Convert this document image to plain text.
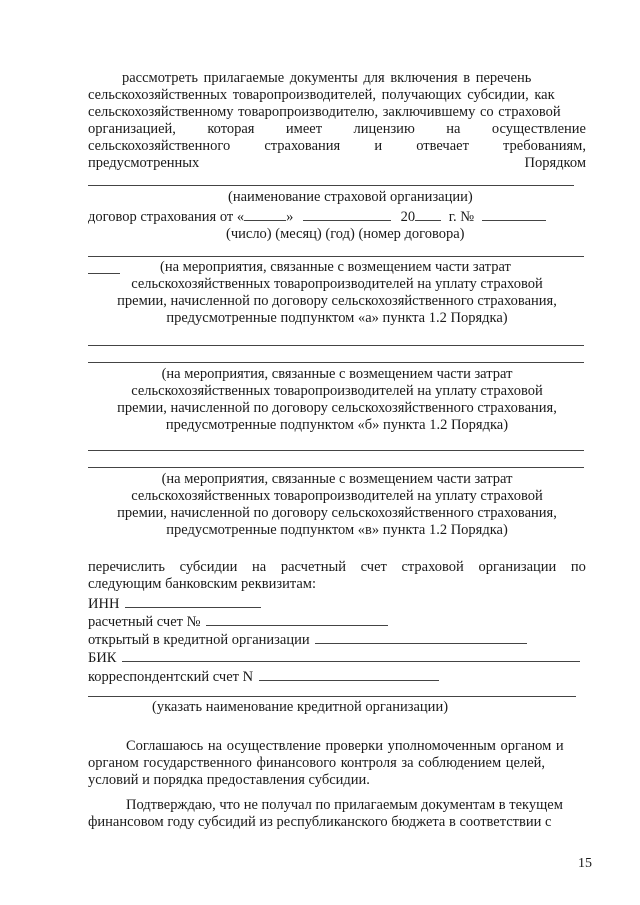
рассмотреть прилагаемые документы для включения в перечень
сельскохозяйственных товаропроизводителей, получающих субсидии, как
сельскохозяйственному товаропроизводителю, заключившему со страховой
организацией, которая имеет лицензию на осуществление
сельскохозяйственного страхования и отвечает требованиям,
предусмотренных	Порядком
(наименование страховой организации)
договор страхования от «	»	20 г. №
(число) (месяц) (год) (номер договора)
(на мероприятия, связанные с возмещением части затрат
сельскохозяйственных товаропроизводителей на уплату страховой
премии, начисленной по договору сельскохозяйственного страхования,
предусмотренные подпунктом «а» пункта 1.2 Порядка)
(на мероприятия, связанные с возмещением части затрат
сельскохозяйственных товаропроизводителей на уплату страховой
премии, начисленной по договору сельскохозяйственного страхования,
предусмотренные подпунктом «б» пункта 1.2 Порядка)
(на мероприятия, связанные с возмещением части затрат
сельскохозяйственных товаропроизводителей на уплату страховой
премии, начисленной по договору сельскохозяйственного страхования,
предусмотренные подпунктом «в» пункта 1.2 Порядка)
перечислить субсидии на расчетный счет страховой организации по
следующим банковским реквизитам:
ИНН
расчетный счет №
открытый в кредитной организации
БИК
корреспондентский счет N
(указать наименование кредитной организации)
Соглашаюсь на осуществление проверки уполномоченным органом и
органом государственного финансового контроля за соблюдением целей,
условий и порядка предоставления субсидии.
Подтверждаю, что не получал по прилагаемым документам в текущем
финансовом году субсидий из республиканского бюджета в соответствии с
15
